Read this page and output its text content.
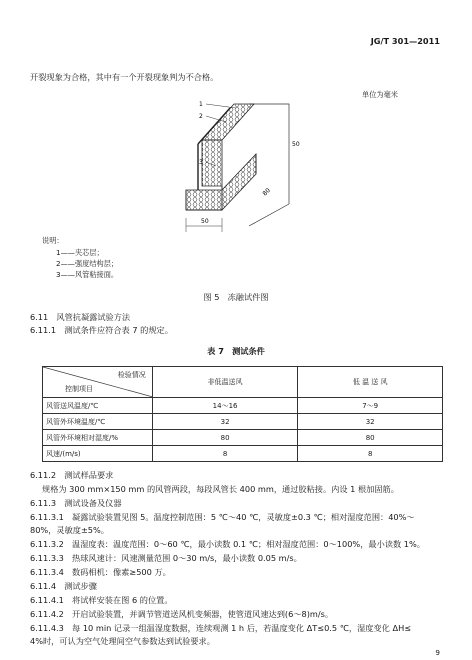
JG/T 301—2011
开裂现象为合格，其中有一个开裂现象判为不合格。
单位为毫米
50
50
80
1
2
3
说明：
1——夹芯层；
2——强度结构层；
3——风管粘接面。
图 5　冻融试件图
6.11　风管抗凝露试验方法
6.11.1　测试条件应符合表 7 的规定。
表 7　测试条件
检验情况
控制项目	非低温送风	低 温 送 风
风管送风温度/℃	14～16	7～9
风管外环境温度/℃	32	32
风管外环境相对湿度/%	80	80
风速/(m/s)	8	8
6.11.2　测试样品要求
规格为 300 mm×150 mm 的风管两段，每段风管长 400 mm，通过胶粘接。内设 1 根加固筋。
6.11.3　测试设备及仪器
6.11.3.1　凝露试验装置见图 5。温度控制范围：5 ℃～40 ℃，灵敏度±0.3 ℃；相对湿度范围：40%～
80%，灵敏度±5%。
6.11.3.2　温湿度表：温度范围：0～60 ℃，最小读数 0.1 ℃；相对湿度范围：0～100%，最小读数 1%。
6.11.3.3　热球风速计：风速测量范围 0～30 m/s，最小读数 0.05 m/s。
6.11.3.4　数码相机：像素≥500 万。
6.11.4　测试步骤
6.11.4.1　将试样安装在图 6 的位置。
6.11.4.2　开启试验装置，并调节管道送风机变频器，使管道风速达到(6～8)m/s。
6.11.4.3　每 10 min 记录一组温湿度数据，连续观测 1 h 后，若温度变化 ΔT≤0.5 ℃，湿度变化 ΔH≤
4%时，可认为空气处理间空气参数达到试验要求。
9
